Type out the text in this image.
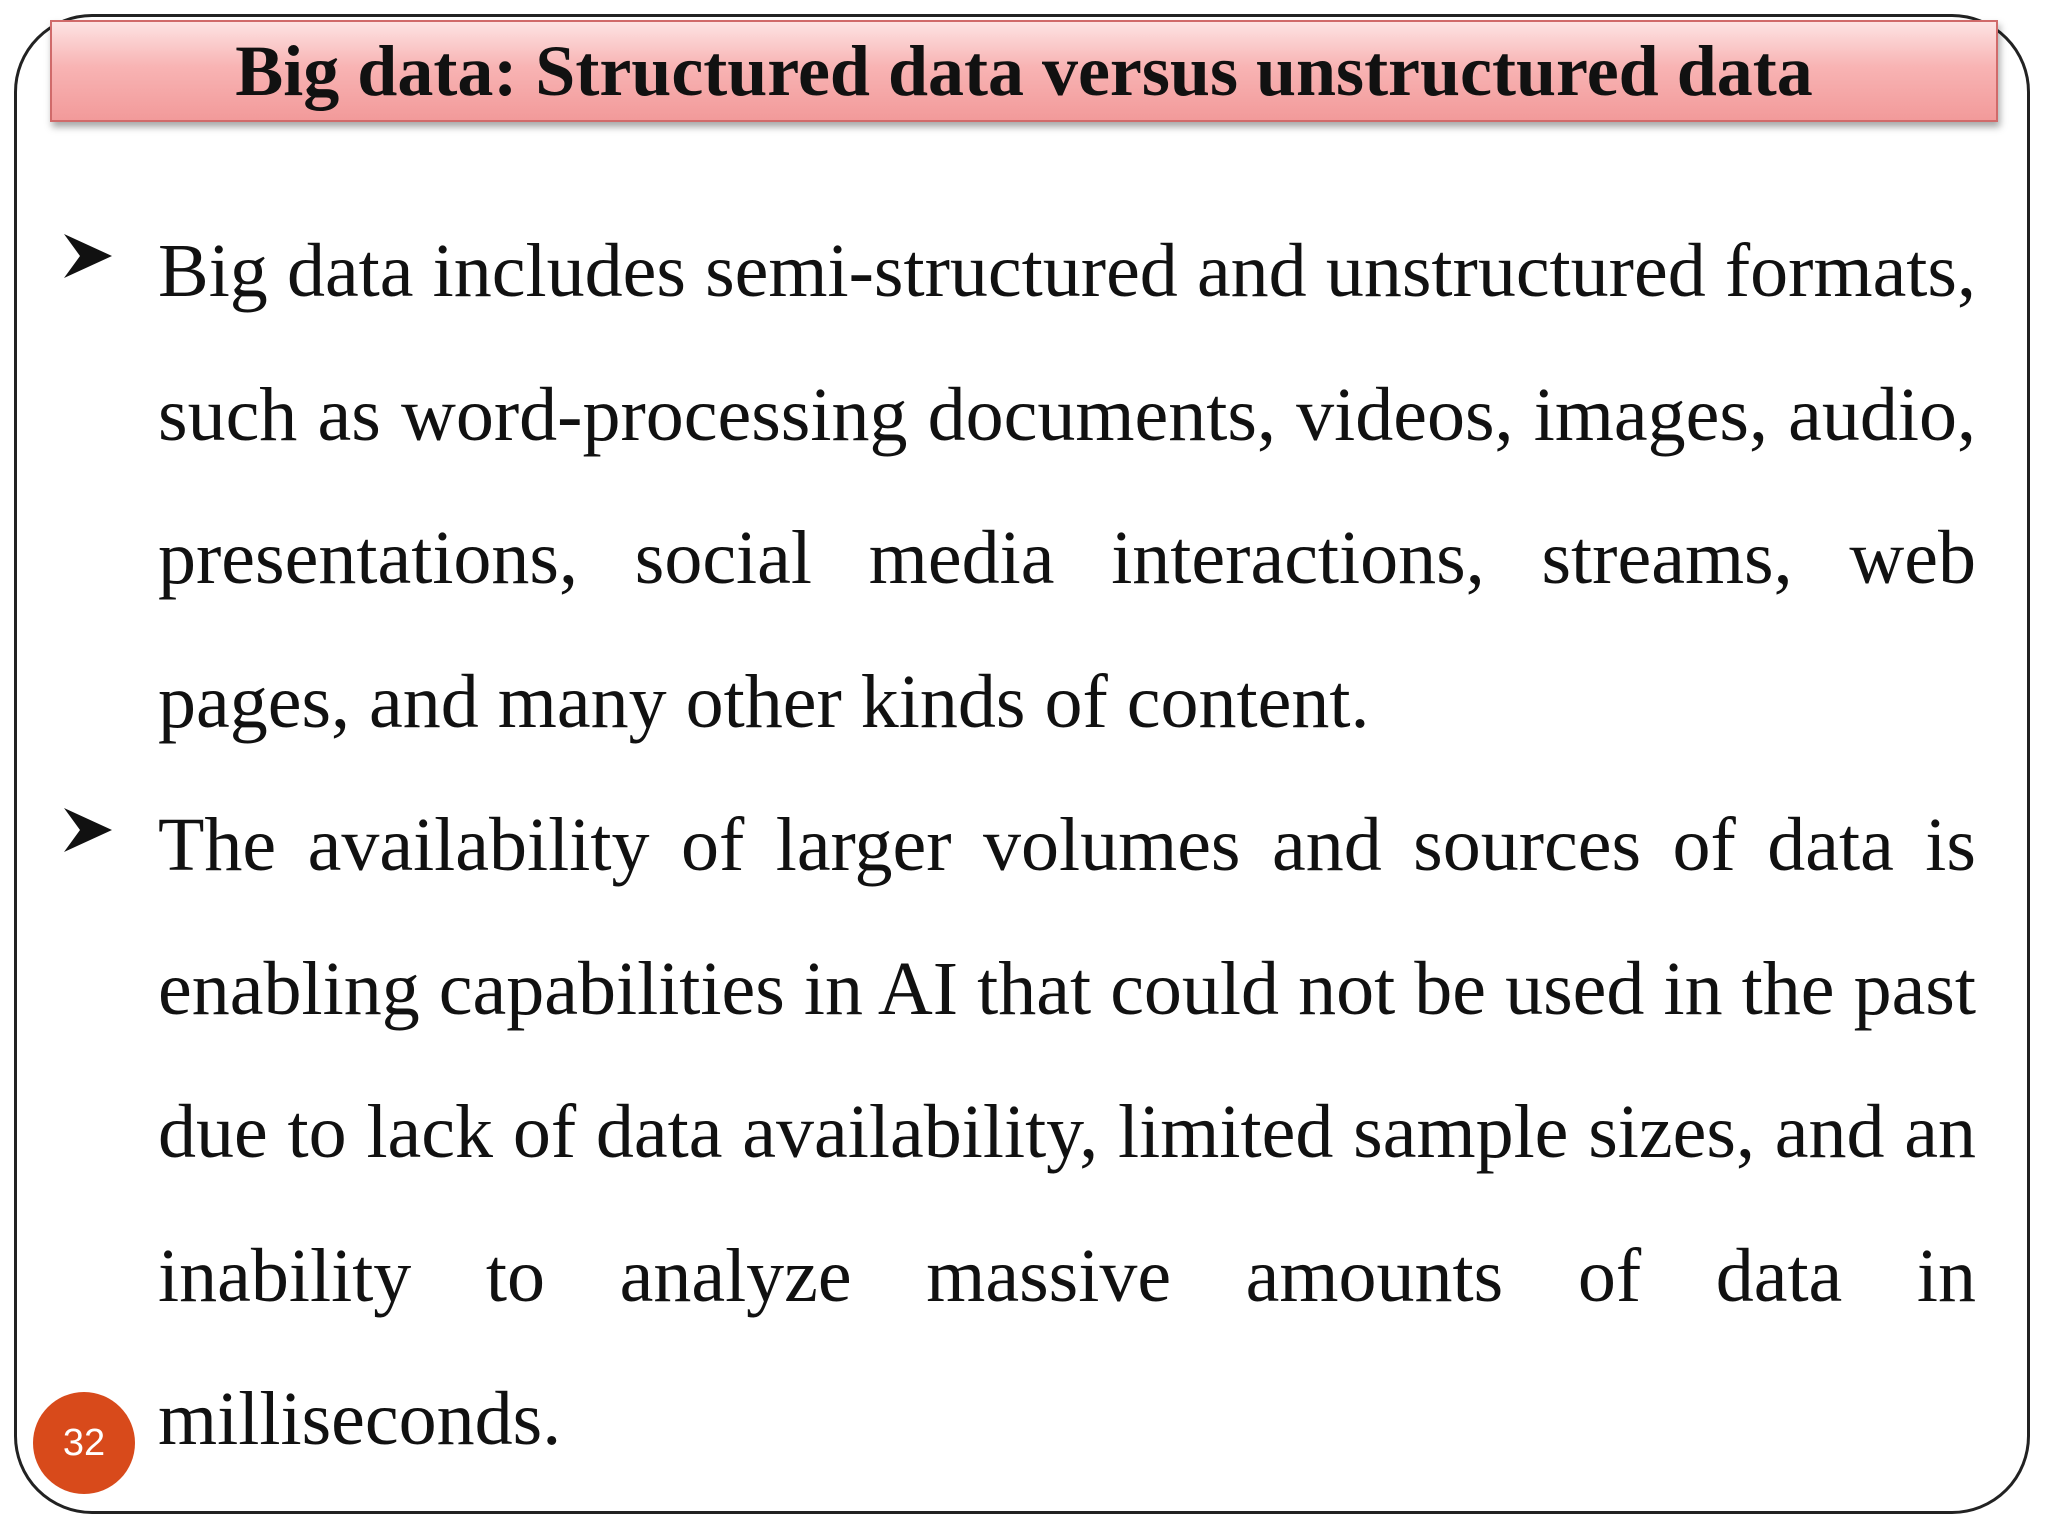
Big data: Structured data versus unstructured data

Big data includes semi-structured and unstructured formats, such as word-processing documents, videos, images, audio, presentations, social media interactions, streams, web pages, and many other kinds of content.

The availability of larger volumes and sources of data is enabling capabilities in AI that could not be used in the past due to lack of data availability, limited sample sizes, and an inability to analyze massive amounts of data in milliseconds.

32
